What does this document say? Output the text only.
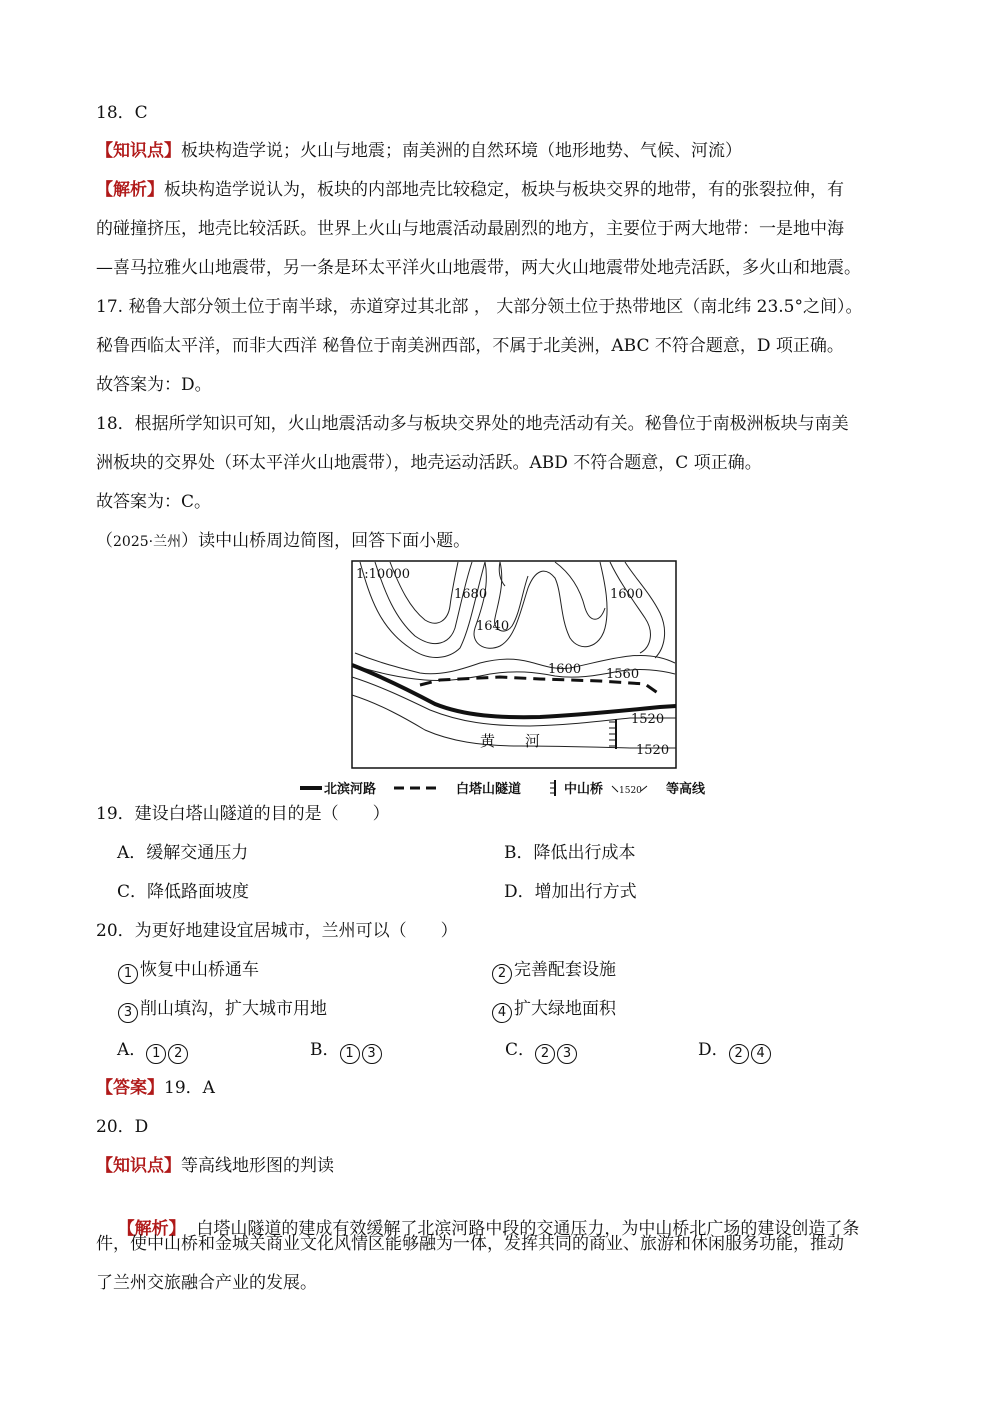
18．C
【知识点】板块构造学说；火山与地震；南美洲的自然环境（地形地势、气候、河流）
【解析】板块构造学说认为，板块的内部地壳比较稳定，板块与板块交界的地带，有的张裂拉伸，有
的碰撞挤压，地壳比较活跃。世界上火山与地震活动最剧烈的地方，主要位于两大地带：一是地中海
—喜马拉雅火山地震带，另一条是环太平洋火山地震带，两大火山地震带处地壳活跃，多火山和地震。
17. 秘鲁大部分领土位于南半球，赤道穿过其北部 ， 大部分领土位于热带地区（南北纬 23.5°之间）。
秘鲁西临太平洋，而非大西洋 秘鲁位于南美洲西部，不属于北美洲，ABC 不符合题意，D 项正确。
故答案为：D。
18．根据所学知识可知，火山地震活动多与板块交界处的地壳活动有关。秘鲁位于南极洲板块与南美
洲板块的交界处（环太平洋火山地震带），地壳运动活跃。ABD 不符合题意，C 项正确。
故答案为：C。
（2025·兰州）读中山桥周边简图，回答下面小题。
1:10000
1680	1600
1640
1600 1560
1520
1520
黄　　河
北滨河路	白塔山隧道	中山桥 1520 等高线
19．建设白塔山隧道的目的是（　　）
A．缓解交通压力	B．降低出行成本
C．降低路面坡度	D．增加出行方式
20．为更好地建设宜居城市，兰州可以（　　）
1 恢复中山桥通车	2 完善配套设施
3 削山填沟，扩大城市用地	4 扩大绿地面积
A． 1 2	B． 1 3	C． 2 3	D． 2 4
【答案】19．A
20．D
【知识点】等高线地形图的判读

【解析】  白塔山隧道的建成有效缓解了北滨河路中段的交通压力，为中山桥北广场的建设创造了条

件，使中山桥和金城关商业文化风情区能够融为一体，发挥共同的商业、旅游和休闲服务功能，推动
了兰州交旅融合产业的发展。
